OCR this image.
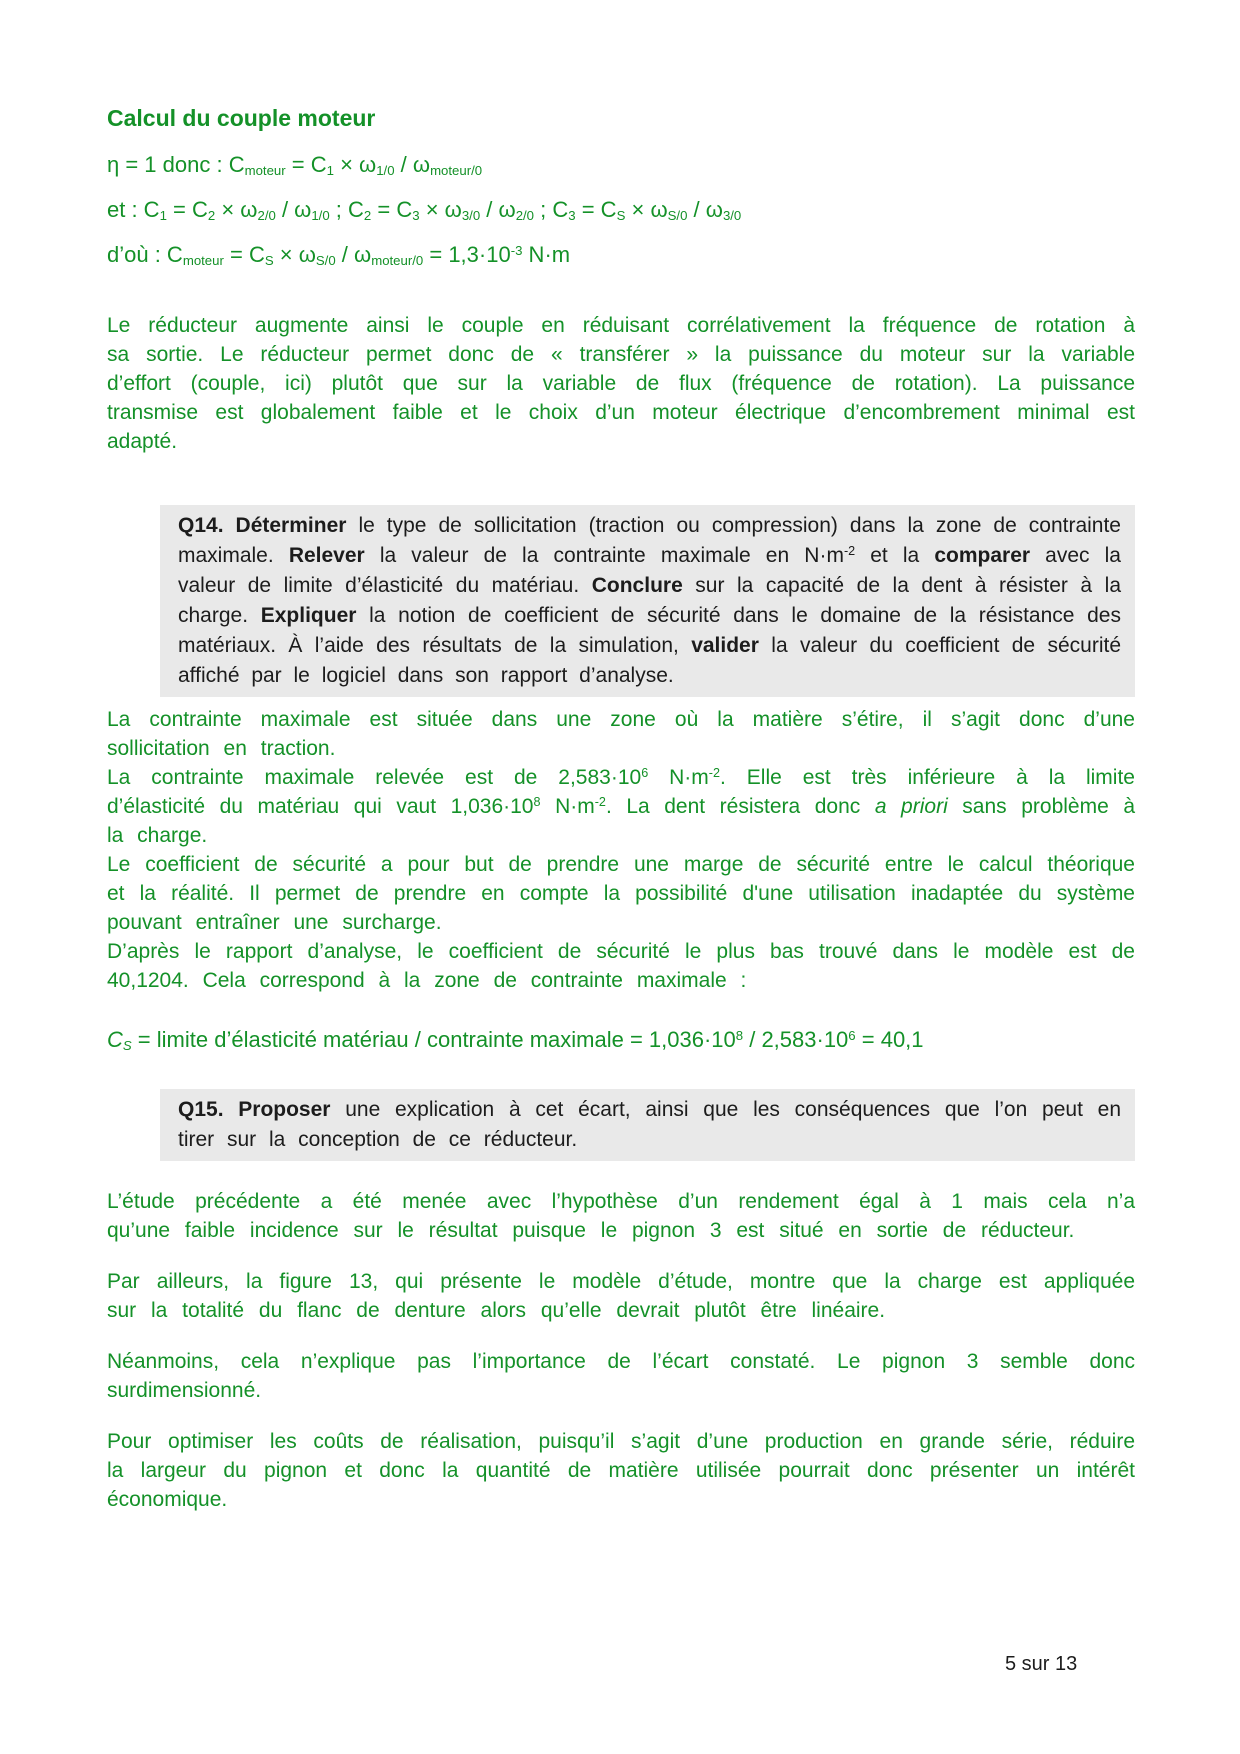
Calcul du couple moteur

η = 1 donc : $C_{moteur} = C_1 \times \omega_{1/0} / \omega_{moteur/0}$

et : $C_1 = C_2 \times \omega_{2/0} / \omega_{1/0}$ ; $C_2 = C_3 \times \omega_{3/0} / \omega_{2/0}$ ; $C_3 = C_S \times \omega_{S/0} / \omega_{3/0}$

d’où : $C_{moteur} = C_S \times \omega_{S/0} / \omega_{moteur/0} = 1,3\cdot 10^{-3}$ N·m

Le réducteur augmente ainsi le couple en réduisant corrélativement la fréquence de rotation à sa sortie. Le réducteur permet donc de « transférer » la puissance du moteur sur la variable d’effort (couple, ici) plutôt que sur la variable de flux (fréquence de rotation). La puissance transmise est globalement faible et le choix d’un moteur électrique d’encombrement minimal est adapté.

Q14. Déterminer le type de sollicitation (traction ou compression) dans la zone de contrainte maximale. Relever la valeur de la contrainte maximale en $N\cdot m^{-2}$ et la comparer avec la valeur de limite d’élasticité du matériau. Conclure sur la capacité de la dent à résister à la charge. Expliquer la notion de coefficient de sécurité dans le domaine de la résistance des matériaux. À l’aide des résultats de la simulation, valider la valeur du coefficient de sécurité affiché par le logiciel dans son rapport d’analyse.

La contrainte maximale est située dans une zone où la matière s’étire, il s’agit donc d’une sollicitation en traction.

La contrainte maximale relevée est de $2,583\cdot 10^6$ $N\cdot m^{-2}$. Elle est très inférieure à la limite d’élasticité du matériau qui vaut $1,036\cdot 10^8$ $N\cdot m^{-2}$. La dent résistera donc a priori sans problème à la charge.

Le coefficient de sécurité a pour but de prendre une marge de sécurité entre le calcul théorique et la réalité. Il permet de prendre en compte la possibilité d'une utilisation inadaptée du système pouvant entraîner une surcharge.

D’après le rapport d’analyse, le coefficient de sécurité le plus bas trouvé dans le modèle est de 40,1204. Cela correspond à la zone de contrainte maximale :

$C_S$ = limite d’élasticité matériau / contrainte maximale = $1,036\cdot 10^8 / 2,583\cdot 10^6 = 40,1$

Q15. Proposer une explication à cet écart, ainsi que les conséquences que l’on peut en tirer sur la conception de ce réducteur.

L’étude précédente a été menée avec l’hypothèse d’un rendement égal à 1 mais cela n’a qu’une faible incidence sur le résultat puisque le pignon 3 est situé en sortie de réducteur.

Par ailleurs, la figure 13, qui présente le modèle d’étude, montre que la charge est appliquée sur la totalité du flanc de denture alors qu’elle devrait plutôt être linéaire.

Néanmoins, cela n’explique pas l’importance de l’écart constaté. Le pignon 3 semble donc surdimensionné.

Pour optimiser les coûts de réalisation, puisqu’il s’agit d’une production en grande série, réduire la largeur du pignon et donc la quantité de matière utilisée pourrait donc présenter un intérêt économique.

5 sur 13
